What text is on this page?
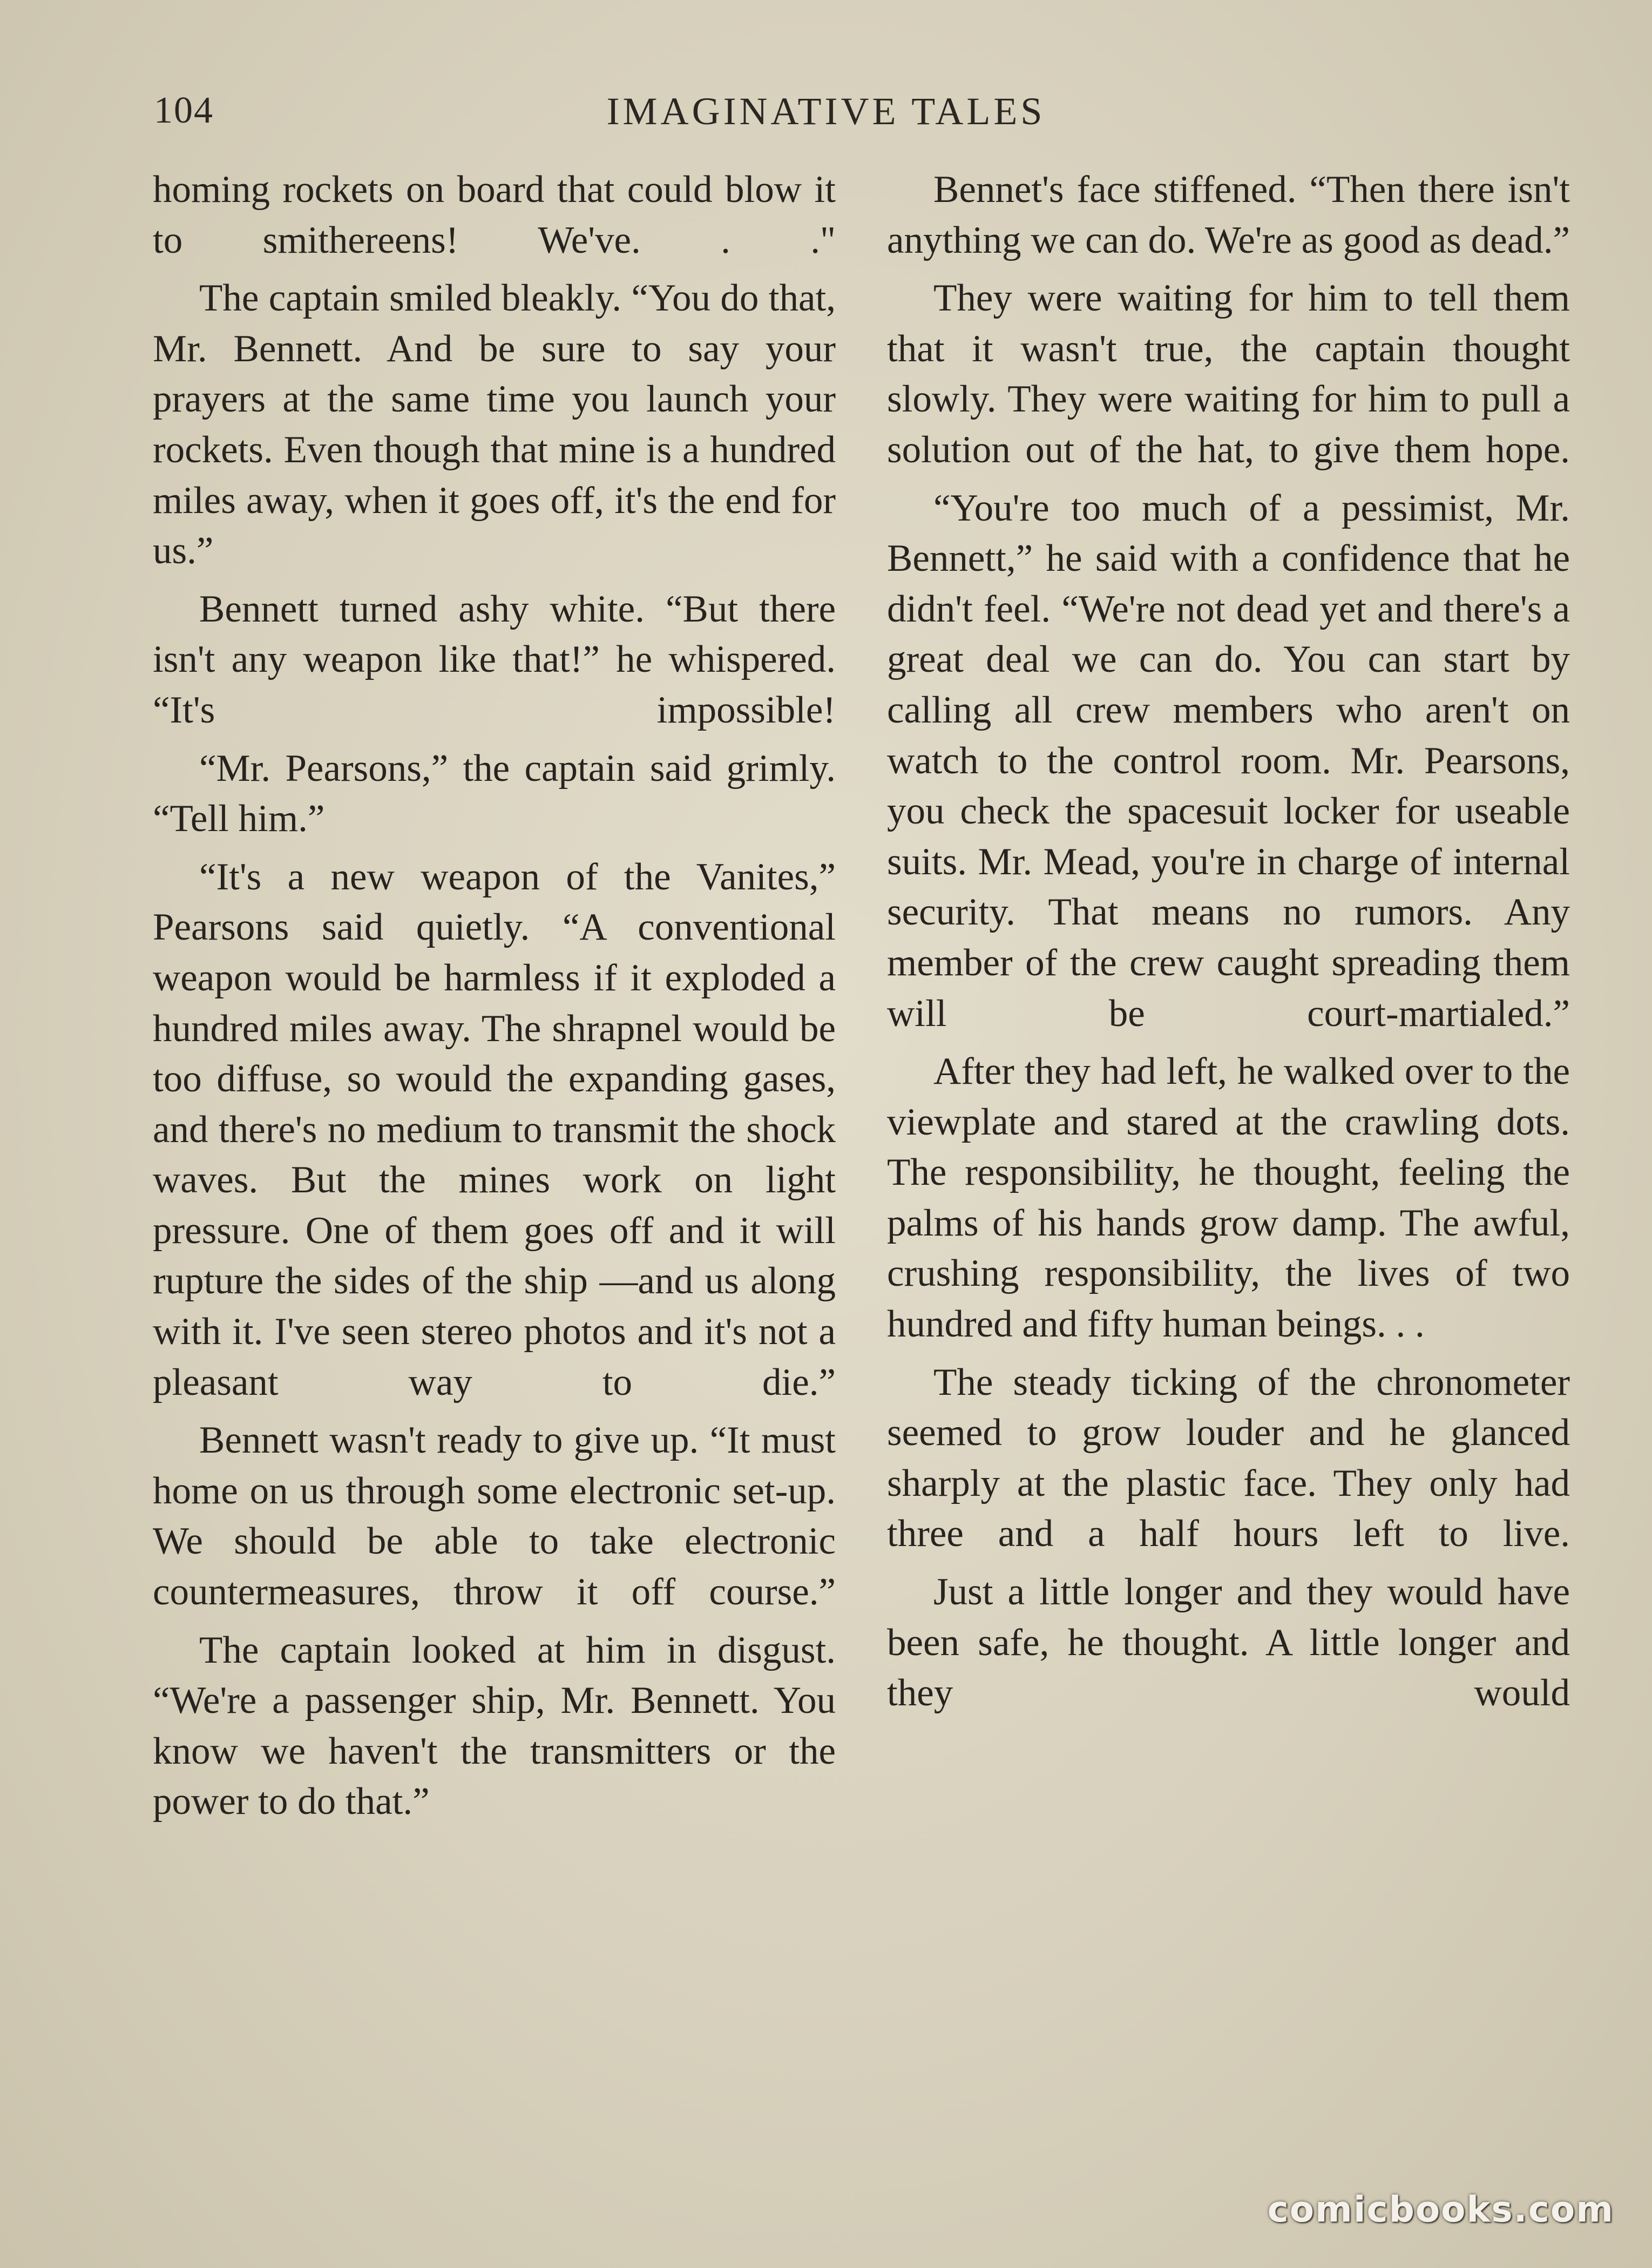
104	IMAGINATIVE TALES

homing rockets on board that could blow it to smithereens! We've. . ."

The captain smiled bleakly. “You do that, Mr. Bennett. And be sure to say your prayers at the same time you launch your rockets. Even though that mine is a hundred miles away, when it goes off, it's the end for us.”

Bennett turned ashy white. “But there isn't any weapon like that!” he whispered. “It's impossible!

“Mr. Pearsons,” the captain said grimly. “Tell him.”

“It's a new weapon of the Vanites,” Pearsons said quietly. “A conventional weapon would be harmless if it exploded a hundred miles away. The shrapnel would be too diffuse, so would the expanding gases, and there's no medium to transmit the shock waves. But the mines work on light pressure. One of them goes off and it will rupture the sides of the ship —and us along with it. I've seen stereo photos and it's not a pleasant way to die.”

Bennett wasn't ready to give up. “It must home on us through some electronic set-up. We should be able to take electronic countermeasures, throw it off course.”

The captain looked at him in disgust. “We're a passenger ship, Mr. Bennett. You know we haven't the transmitters or the power to do that.”

Bennet's face stiffened. “Then there isn't anything we can do. We're as good as dead.”

They were waiting for him to tell them that it wasn't true, the captain thought slowly. They were waiting for him to pull a solution out of the hat, to give them hope.

“You're too much of a pessimist, Mr. Bennett,” he said with a confidence that he didn't feel. “We're not dead yet and there's a great deal we can do. You can start by calling all crew members who aren't on watch to the control room. Mr. Pearsons, you check the spacesuit locker for useable suits. Mr. Mead, you're in charge of internal security. That means no rumors. Any member of the crew caught spreading them will be court-martialed.”

After they had left, he walked over to the viewplate and stared at the crawling dots. The responsibility, he thought, feeling the palms of his hands grow damp. The awful, crushing responsibility, the lives of two hundred and fifty human beings. . .

The steady ticking of the chronometer seemed to grow louder and he glanced sharply at the plastic face. They only had three and a half hours left to live.

Just a little longer and they would have been safe, he thought. A little longer and they would

comicbooks.com
